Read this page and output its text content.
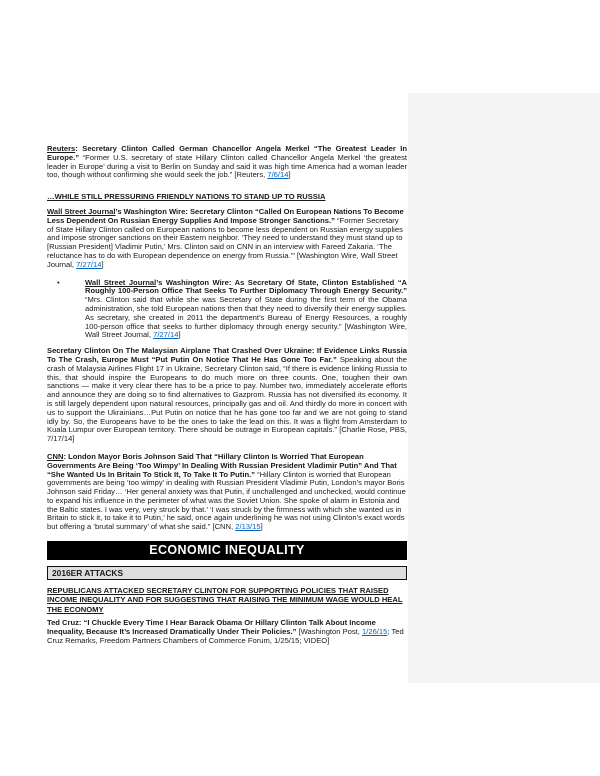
Reuters: Secretary Clinton Called German Chancellor Angela Merkel “The Greatest Leader In Europe.” “Former U.S. secretary of state Hillary Clinton called Chancellor Angela Merkel ‘the greatest leader in Europe’ during a visit to Berlin on Sunday and said it was high time America had a woman leader too, though without confirming she would seek the job.” [Reuters, 7/6/14]

…WHILE STILL PRESSURING FRIENDLY NATIONS TO STAND UP TO RUSSIA

Wall Street Journal’s Washington Wire: Secretary Clinton “Called On European Nations To Become Less Dependent On Russian Energy Supplies And Impose Stronger Sanctions.” “Former Secretary of State Hillary Clinton called on European nations to become less dependent on Russian energy supplies and impose stronger sanctions on their Eastern neighbor. ‘They need to understand they must stand up to [Russian President] Vladimir Putin,’ Mrs. Clinton said on CNN in an interview with Fareed Zakaria. ‘The reluctance has to do with European dependence on energy from Russia.’” [Washington Wire, Wall Street Journal, 7/27/14]

•	Wall Street Journal’s Washington Wire: As Secretary Of State, Clinton Established “A Roughly 100-Person Office That Seeks To Further Diplomacy Through Energy Security.” “Mrs. Clinton said that while she was Secretary of State during the first term of the Obama administration, she told European nations then that they need to diversify their energy supplies. As secretary, she created in 2011 the department’s Bureau of Energy Resources, a roughly 100-person office that seeks to further diplomacy through energy security.” [Washington Wire, Wall Street Journal, 7/27/14]

Secretary Clinton On The Malaysian Airplane That Crashed Over Ukraine: If Evidence Links Russia To The Crash, Europe Must “Put Putin On Notice That He Has Gone Too Far.” Speaking about the crash of Malaysia Airlines Flight 17 in Ukraine, Secretary Clinton said, “If there is evidence linking Russia to this, that should inspire the Europeans to do much more on three counts. One, toughen their own sanctions — make it very clear there has to be a price to pay. Number two, immediately accelerate efforts and announce they are doing so to find alternatives to Gazprom. Russia has not diversified its economy. It is still largely dependent upon natural resources, principally gas and oil. And thirdly do more in concert with us to support the Ukrainians…Put Putin on notice that he has gone too far and we are not going to stand idly by. So, the Europeans have to be the ones to take the lead on this. It was a flight from Amsterdam to Kuala Lumpur over European territory. There should be outrage in European capitals.” [Charlie Rose, PBS, 7/17/14]

CNN: London Mayor Boris Johnson Said That “Hillary Clinton Is Worried That European Governments Are Being ‘Too Wimpy’ In Dealing With Russian President Vladimir Putin” And That “She Wanted Us In Britain To Stick It, To Take It To Putin.” “Hillary Clinton is worried that European governments are being ‘too wimpy’ in dealing with Russian President Vladimir Putin, London’s mayor Boris Johnson said Friday… ‘Her general anxiety was that Putin, if unchallenged and unchecked, would continue to expand his influence in the perimeter of what was the Soviet Union. She spoke of alarm in Estonia and the Baltic states. I was very, very struck by that.’ ‘I was struck by the firmness with which she wanted us in Britain to stick it, to take it to Putin,’ he said, once again underlining he was not using Clinton’s exact words but offering a ‘brutal summary’ of what she said.” [CNN, 2/13/15]

ECONOMIC INEQUALITY
2016ER ATTACKS

REPUBLICANS ATTACKED SECRETARY CLINTON FOR SUPPORTING POLICIES THAT RAISED INCOME INEQUALITY AND FOR SUGGESTING THAT RAISING THE MINIMUM WAGE WOULD HEAL THE ECONOMY

Ted Cruz: “I Chuckle Every Time I Hear Barack Obama Or Hillary Clinton Talk About Income Inequality, Because It’s Increased Dramatically Under Their Policies.” [Washington Post, 1/26/15; Ted Cruz Remarks, Freedom Partners Chambers of Commerce Forum, 1/25/15; VIDEO]
